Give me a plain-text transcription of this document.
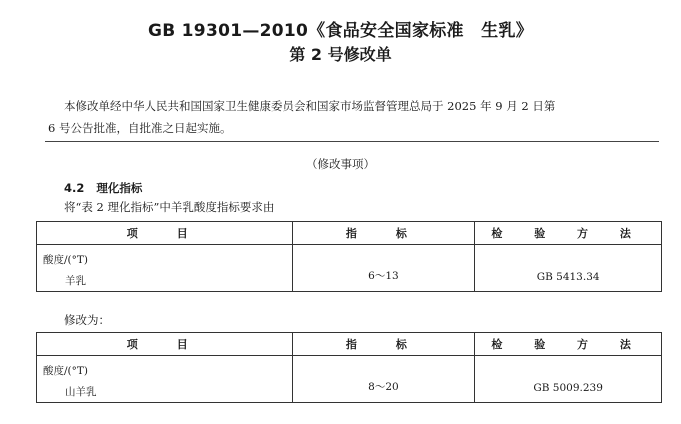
GB 19301—2010《食品安全国家标准　生乳》
第 2 号修改单
本修改单经中华人民共和国国家卫生健康委员会和国家市场监督管理总局于 2025 年 9 月 2 日第
6 号公告批准，自批准之日起实施。
（修改事项）
4.2 理化指标
将“表 2 理化指标”中羊乳酸度指标要求由
项　目	指　标	检 验 方 法

酸度/(°T)
羊乳	6～13	GB 5413.34
修改为：
项　目	指　标	检 验 方 法

酸度/(°T)
山羊乳	8～20	GB 5009.239
